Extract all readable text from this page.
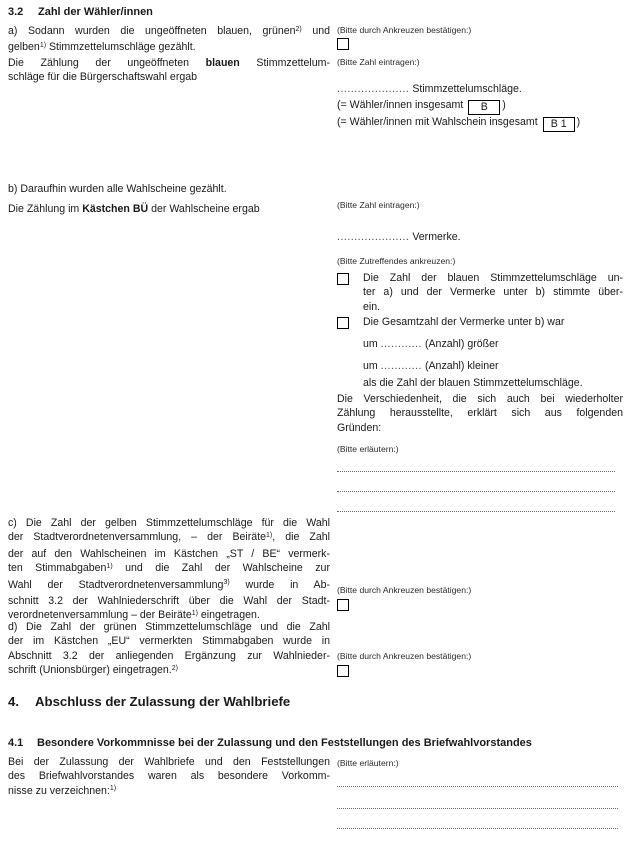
3.2 Zahl der Wähler/innen
a) Sodann wurden die ungeöffneten blauen, grünen$^{2)}$ und
gelben$^{1)}$ Stimmzettelumschläge gezählt.
(Bitte durch Ankreuzen bestätigen:)
Die Zählung der ungeöffneten blauen Stimmzettelum-
schläge für die Bürgerschaftswahl ergab
(Bitte Zahl eintragen:)
..................... Stimmzettelumschläge.
(= Wähler/innen insgesamt B )
(= Wähler/innen mit Wahlschein insgesamt B 1 )
b) Daraufhin wurden alle Wahlscheine gezählt.
Die Zählung im Kästchen BÜ der Wahlscheine ergab	(Bitte Zahl eintragen:)
..................... Vermerke.
(Bitte Zutreffendes ankreuzen:)
Die Zahl der blauen Stimmzettelumschläge un-
ter a) und der Vermerke unter b) stimmte über-
ein.
Die Gesamtzahl der Vermerke unter b) war
um ............ (Anzahl) größer
um ............ (Anzahl) kleiner
als die Zahl der blauen Stimmzettelumschläge.
Die Verschiedenheit, die sich auch bei wiederholter
Zählung herausstellte, erklärt sich aus folgenden
Gründen:
(Bitte erläutern:)
c) Die Zahl der gelben Stimmzettelumschläge für die Wahl
der Stadtverordnetenversammlung, – der Beiräte$^{1)}$, die Zahl
der auf den Wahlscheinen im Kästchen „ST / BE“ vermerk-
ten Stimmabgaben$^{1)}$ und die Zahl der Wahlscheine zur
Wahl der Stadtverordnetenversammlung$^{3)}$ wurde in Ab-
schnitt 3.2 der Wahlniederschrift über die Wahl der Stadt-
verordnetenversammlung – der Beiräte$^{1)}$ eingetragen.
(Bitte durch Ankreuzen bestätigen:)
d) Die Zahl der grünen Stimmzettelumschläge und die Zahl
der im Kästchen „EU“ vermerkten Stimmabgaben wurde in
Abschnitt 3.2 der anliegenden Ergänzung zur Wahlnieder-
schrift (Unionsbürger) eingetragen.$^{2)}$
(Bitte durch Ankreuzen bestätigen:)
4. Abschluss der Zulassung der Wahlbriefe
4.1 Besondere Vorkommnisse bei der Zulassung und den Feststellungen des Briefwahlvorstandes
Bei der Zulassung der Wahlbriefe und den Feststellungen
des Briefwahlvorstandes waren als besondere Vorkomm-
nisse zu verzeichnen:$^{1)}$
(Bitte erläutern:)
